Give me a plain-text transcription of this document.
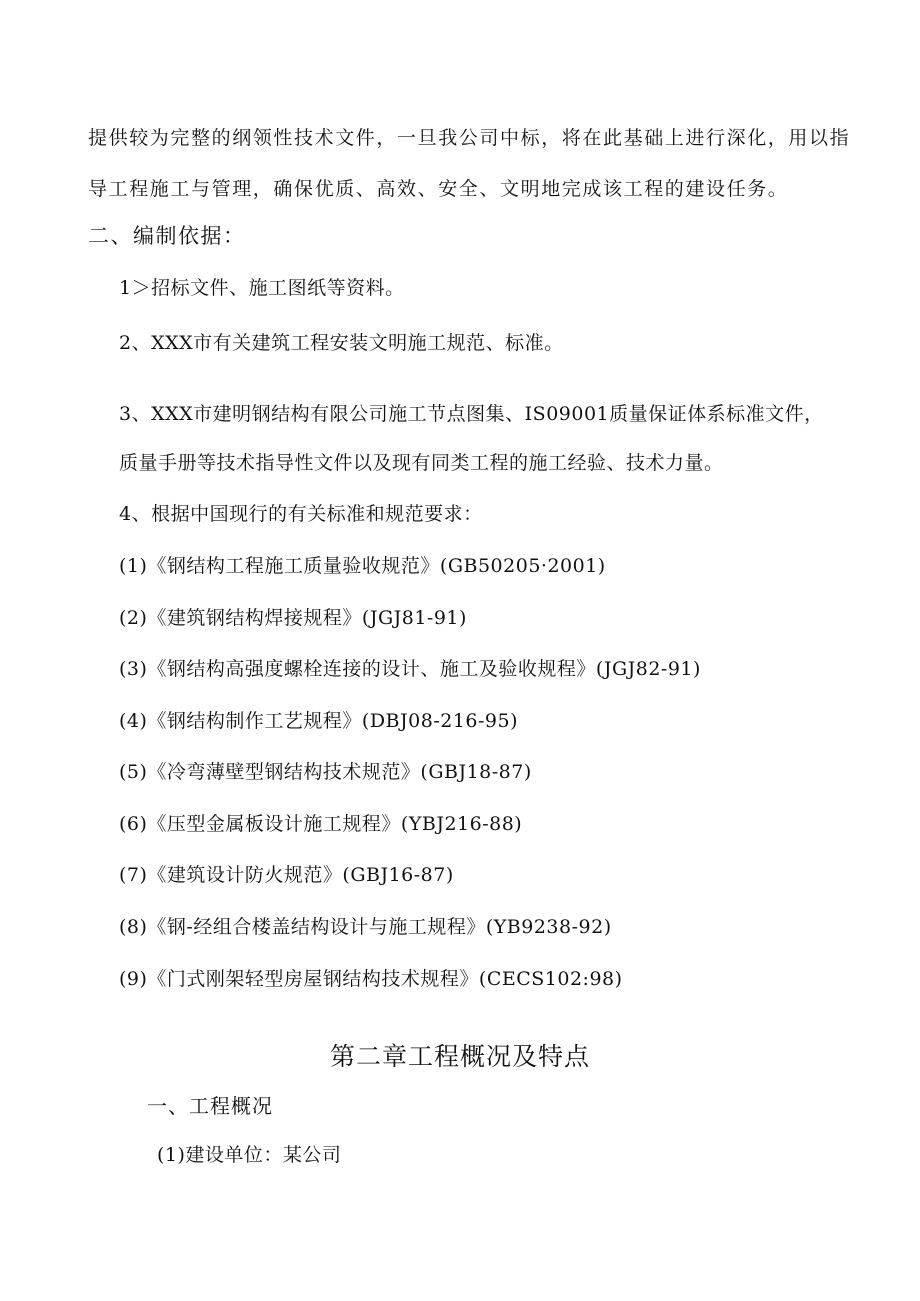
提供较为完整的纲领性技术文件，一旦我公司中标，将在此基础上进行深化，用以指
导工程施工与管理，确保优质、高效、安全、文明地完成该工程的建设任务。
二、编制依据：
1＞招标文件、施工图纸等资料。
2、XXX市有关建筑工程安装文明施工规范、标准。
3、XXX市建明钢结构有限公司施工节点图集、IS09001质量保证体系标准文件，
质量手册等技术指导性文件以及现有同类工程的施工经验、技术力量。
4、根据中国现行的有关标准和规范要求：
(1)《钢结构工程施工质量验收规范》(GB50205·2001)
(2)《建筑钢结构焊接规程》(JGJ81-91)
(3)《钢结构高强度螺栓连接的设计、施工及验收规程》(JGJ82-91)
(4)《钢结构制作工艺规程》(DBJ08-216-95)
(5)《冷弯薄壁型钢结构技术规范》(GBJ18-87)
(6)《压型金属板设计施工规程》(YBJ216-88)
(7)《建筑设计防火规范》(GBJ16-87)
(8)《钢-经组合楼盖结构设计与施工规程》(YB9238-92)
(9)《门式刚架轻型房屋钢结构技术规程》(CECS102:98)
第二章工程概况及特点
一、工程概况
(1)建设单位：某公司
